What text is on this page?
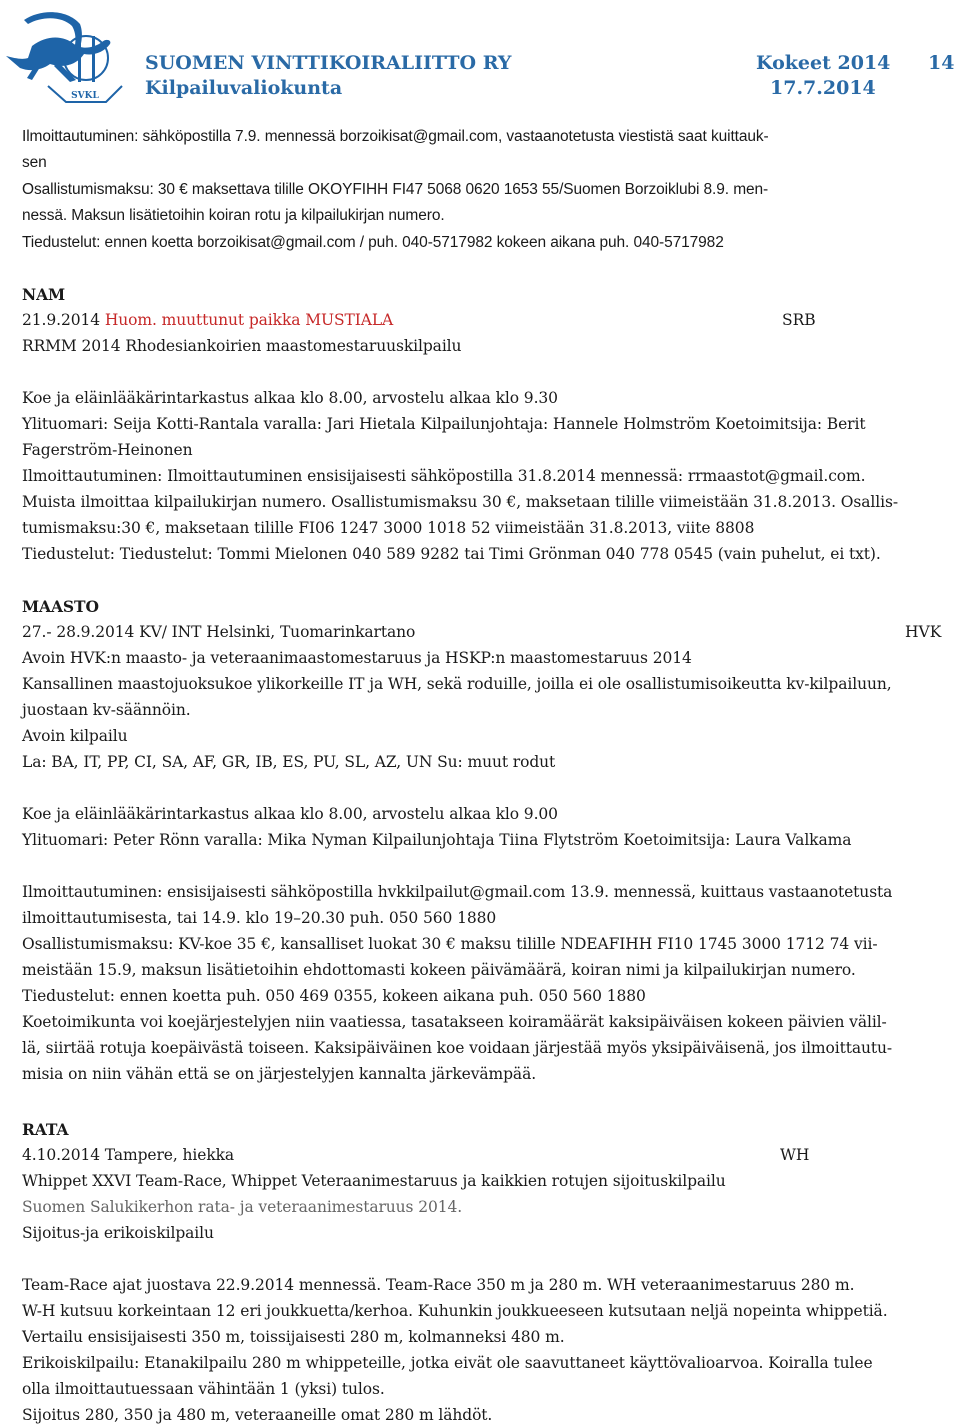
SVKL
SUOMEN VINTTIKOIRALIITTO RY
Kilpailuvaliokunta
Kokeet 2014
17.7.2014
14
Ilmoittautuminen: sähköpostilla 7.9. mennessä borzoikisat@gmail.com, vastaanotetusta viestistä saat kuittauk-
sen
Osallistumismaksu: 30 € maksettava tilille OKOYFIHH FI47 5068 0620 1653 55/Suomen Borzoiklubi 8.9. men-
nessä. Maksun lisätietoihin koiran rotu ja kilpailukirjan numero.
Tiedustelut: ennen koetta borzoikisat@gmail.com / puh. 040-5717982 kokeen aikana puh. 040-5717982
NAM
21.9.2014 Huom. muuttunut paikka MUSTIALA	SRB
RRMM 2014 Rhodesiankoirien maastomestaruuskilpailu
Koe ja eläinlääkärintarkastus alkaa klo 8.00, arvostelu alkaa klo 9.30
Ylituomari: Seija Kotti-Rantala varalla: Jari Hietala Kilpailunjohtaja: Hannele Holmström Koetoimitsija: Berit
Fagerström-Heinonen
Ilmoittautuminen: Ilmoittautuminen ensisijaisesti sähköpostilla 31.8.2014 mennessä: rrmaastot@gmail.com.
Muista ilmoittaa kilpailukirjan numero. Osallistumismaksu 30 €, maksetaan tilille viimeistään 31.8.2013. Osallis-
tumismaksu:30 €, maksetaan tilille FI06 1247 3000 1018 52 viimeistään 31.8.2013, viite 8808
Tiedustelut: Tiedustelut: Tommi Mielonen 040 589 9282 tai Timi Grönman 040 778 0545 (vain puhelut, ei txt).
MAASTO
27.- 28.9.2014 KV/ INT Helsinki, Tuomarinkartano	HVK
Avoin HVK:n maasto- ja veteraanimaastomestaruus ja HSKP:n maastomestaruus 2014
Kansallinen maastojuoksukoe ylikorkeille IT ja WH, sekä roduille, joilla ei ole osallistumisoikeutta kv-kilpailuun,
juostaan kv-säännöin.
Avoin kilpailu
La: BA, IT, PP, CI, SA, AF, GR, IB, ES, PU, SL, AZ, UN Su: muut rodut
Koe ja eläinlääkärintarkastus alkaa klo 8.00, arvostelu alkaa klo 9.00
Ylituomari: Peter Rönn varalla: Mika Nyman Kilpailunjohtaja Tiina Flytström Koetoimitsija: Laura Valkama
Ilmoittautuminen: ensisijaisesti sähköpostilla hvkkilpailut@gmail.com 13.9. mennessä, kuittaus vastaanotetusta
ilmoittautumisesta, tai 14.9. klo 19–20.30 puh. 050 560 1880
Osallistumismaksu: KV-koe 35 €, kansalliset luokat 30 € maksu tilille NDEAFIHH FI10 1745 3000 1712 74 vii-
meistään 15.9, maksun lisätietoihin ehdottomasti kokeen päivämäärä, koiran nimi ja kilpailukirjan numero.
Tiedustelut: ennen koetta puh. 050 469 0355, kokeen aikana puh. 050 560 1880
Koetoimikunta voi koejärjestelyjen niin vaatiessa, tasatakseen koiramäärät kaksipäiväisen kokeen päivien välil-
lä, siirtää rotuja koepäivästä toiseen. Kaksipäiväinen koe voidaan järjestää myös yksipäiväisenä, jos ilmoittautu-
misia on niin vähän että se on järjestelyjen kannalta järkevämpää.
RATA
4.10.2014 Tampere, hiekka	WH
Whippet XXVI Team-Race, Whippet Veteraanimestaruus ja kaikkien rotujen sijoituskilpailu
Suomen Salukikerhon rata- ja veteraanimestaruus 2014.
Sijoitus-ja erikoiskilpailu
Team-Race ajat juostava 22.9.2014 mennessä. Team-Race 350 m ja 280 m. WH veteraanimestaruus 280 m.
W-H kutsuu korkeintaan 12 eri joukkuetta/kerhoa. Kuhunkin joukkueeseen kutsutaan neljä nopeinta whippetiä.
Vertailu ensisijaisesti 350 m, toissijaisesti 280 m, kolmanneksi 480 m.
Erikoiskilpailu: Etanakilpailu 280 m whippeteille, jotka eivät ole saavuttaneet käyttövalioarvoa. Koiralla tulee
olla ilmoittautuessaan vähintään 1 (yksi) tulos.
Sijoitus 280, 350 ja 480 m, veteraaneille omat 280 m lähdöt.
